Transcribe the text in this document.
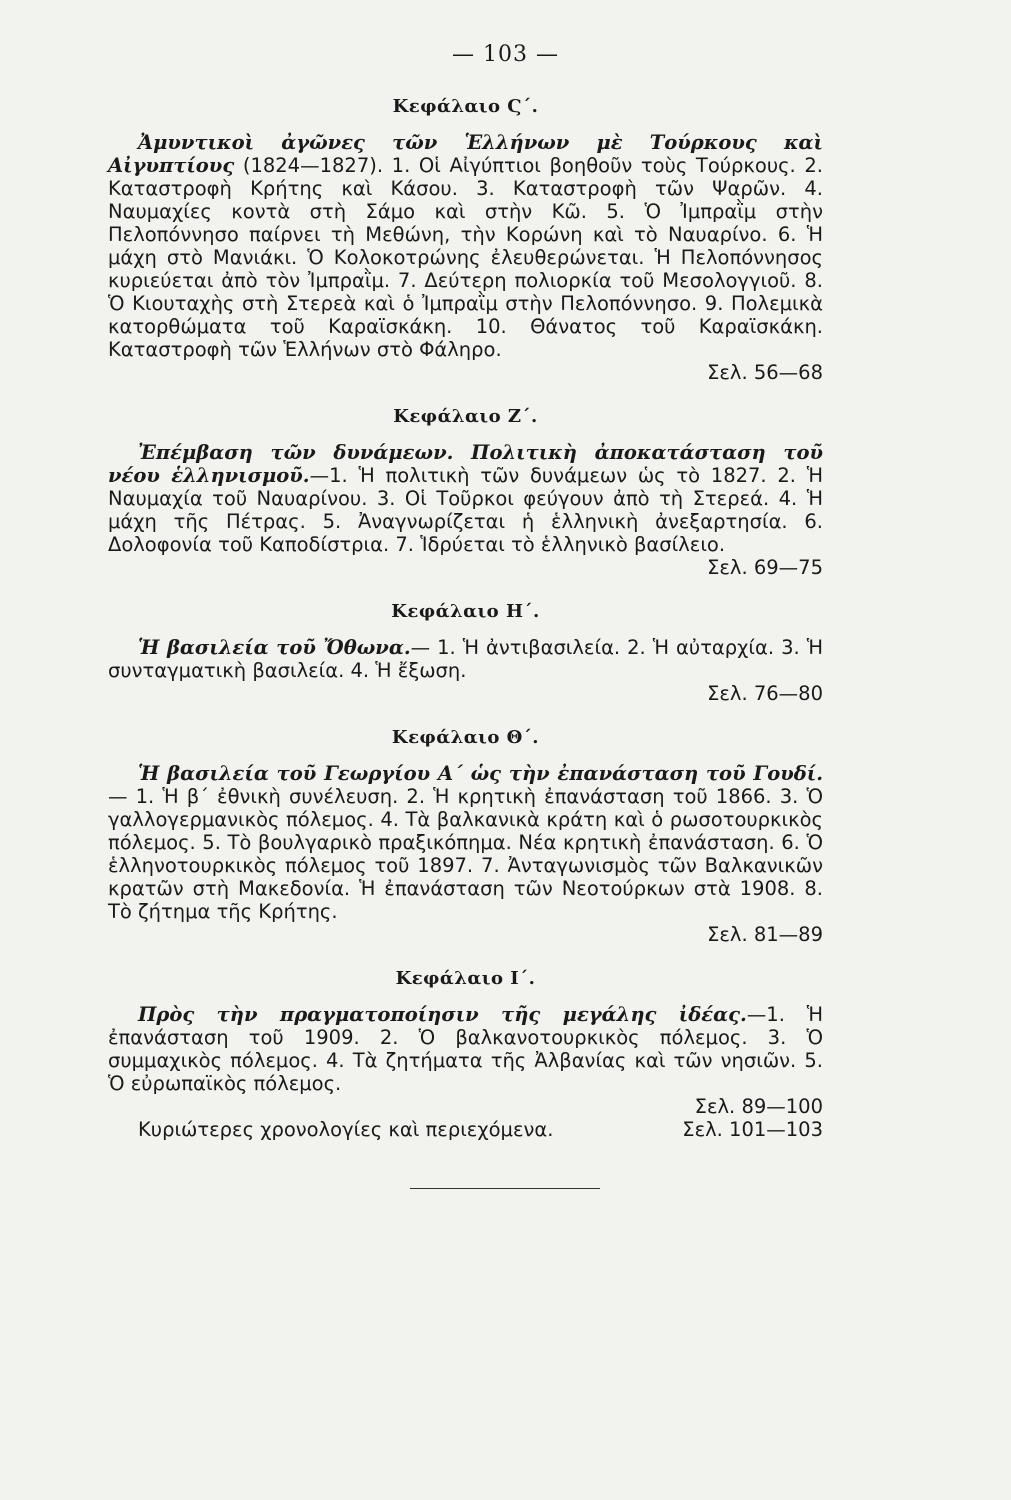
— 103 —
Κεφάλαιο Ϛ΄.

Ἀμυντικοὶ ἀγῶνες τῶν Ἑλλήνων μὲ Τούρκους καὶ Αἰγυπτίους (1824—1827). 1. Οἱ Αἰγύπτιοι βοηθοῦν τοὺς Τούρκους. 2. Καταστροφὴ Κρήτης καὶ Κάσου. 3. Καταστροφὴ τῶν Ψαρῶν. 4. Ναυμαχίες κοντὰ στὴ Σάμο καὶ στὴν Κῶ. 5. Ὁ Ἰμπραῒμ στὴν Πελοπόννησο παίρνει τὴ Μεθώνη, τὴν Κορώνη καὶ τὸ Ναυαρίνο. 6. Ἡ μάχη στὸ Μανιάκι. Ὁ Κολοκοτρώνης ἐλευθερώνεται. Ἡ Πελοπόννησος κυριεύεται ἀπὸ τὸν Ἰμπραῒμ. 7. Δεύτερη πολιορκία τοῦ Μεσολογγιοῦ. 8. Ὁ Κιουταχὴς στὴ Στερεὰ καὶ ὁ Ἰμπραῒμ στὴν Πελοπόννησο. 9. Πολεμικὰ κατορθώματα τοῦ Καραϊσκάκη. 10. Θάνατος τοῦ Καραϊσκάκη. Καταστροφὴ τῶν Ἑλλήνων στὸ Φάληρο.

Σελ. 56—68
Κεφάλαιο Ζ΄.

Ἐπέμβαση τῶν δυνάμεων. Πολιτικὴ ἀποκατάσταση τοῦ νέου ἑλληνισμοῦ.—1. Ἡ πολιτικὴ τῶν δυνάμεων ὡς τὸ 1827. 2. Ἡ Ναυμαχία τοῦ Ναυαρίνου. 3. Οἱ Τοῦρκοι φεύγουν ἀπὸ τὴ Στερεά. 4. Ἡ μάχη τῆς Πέτρας. 5. Ἀναγνωρίζεται ἡ ἑλληνικὴ ἀνεξαρτησία. 6. Δολοφονία τοῦ Καποδίστρια. 7. Ἱδρύεται τὸ ἑλληνικὸ βασίλειο.

Σελ. 69—75
Κεφάλαιο Η΄.

Ἡ βασιλεία τοῦ Ὄθωνα.— 1. Ἡ ἀντιβασιλεία. 2. Ἡ αὐταρχία. 3. Ἡ συνταγματικὴ βασιλεία. 4. Ἡ ἔξωση.

Σελ. 76—80
Κεφάλαιο Θ΄.

Ἡ βασιλεία τοῦ Γεωργίου Α΄ ὡς τὴν ἐπανάσταση τοῦ Γουδί.— 1. Ἡ β΄ ἐθνικὴ συνέλευση. 2. Ἡ κρητικὴ ἐπανάσταση τοῦ 1866. 3. Ὁ γαλλογερμανικὸς πόλεμος. 4. Τὰ βαλκανικὰ κράτη καὶ ὁ ρωσοτουρκικὸς πόλεμος. 5. Τὸ βουλγαρικὸ πραξικόπημα. Νέα κρητικὴ ἐπανάσταση. 6. Ὁ ἑλληνοτουρκικὸς πόλεμος τοῦ 1897. 7. Ἀνταγωνισμὸς τῶν Βαλκανικῶν κρατῶν στὴ Μακεδονία. Ἡ ἐπανάσταση τῶν Νεοτούρκων στὰ 1908. 8. Τὸ ζήτημα τῆς Κρήτης.

Σελ. 81—89
Κεφάλαιο Ι΄.

Πρὸς τὴν πραγματοποίησιν τῆς μεγάλης ἰδέας.—1. Ἡ ἐπανάσταση τοῦ 1909. 2. Ὁ βαλκανοτουρκικὸς πόλεμος. 3. Ὁ συμμαχικὸς πόλεμος. 4. Τὰ ζητήματα τῆς Ἀλβανίας καὶ τῶν νησιῶν. 5. Ὁ εὐρωπαϊκὸς πόλεμος.

Σελ. 89—100
Κυριώτερες χρονολογίες καὶ περιεχόμενα.	Σελ. 101—103
